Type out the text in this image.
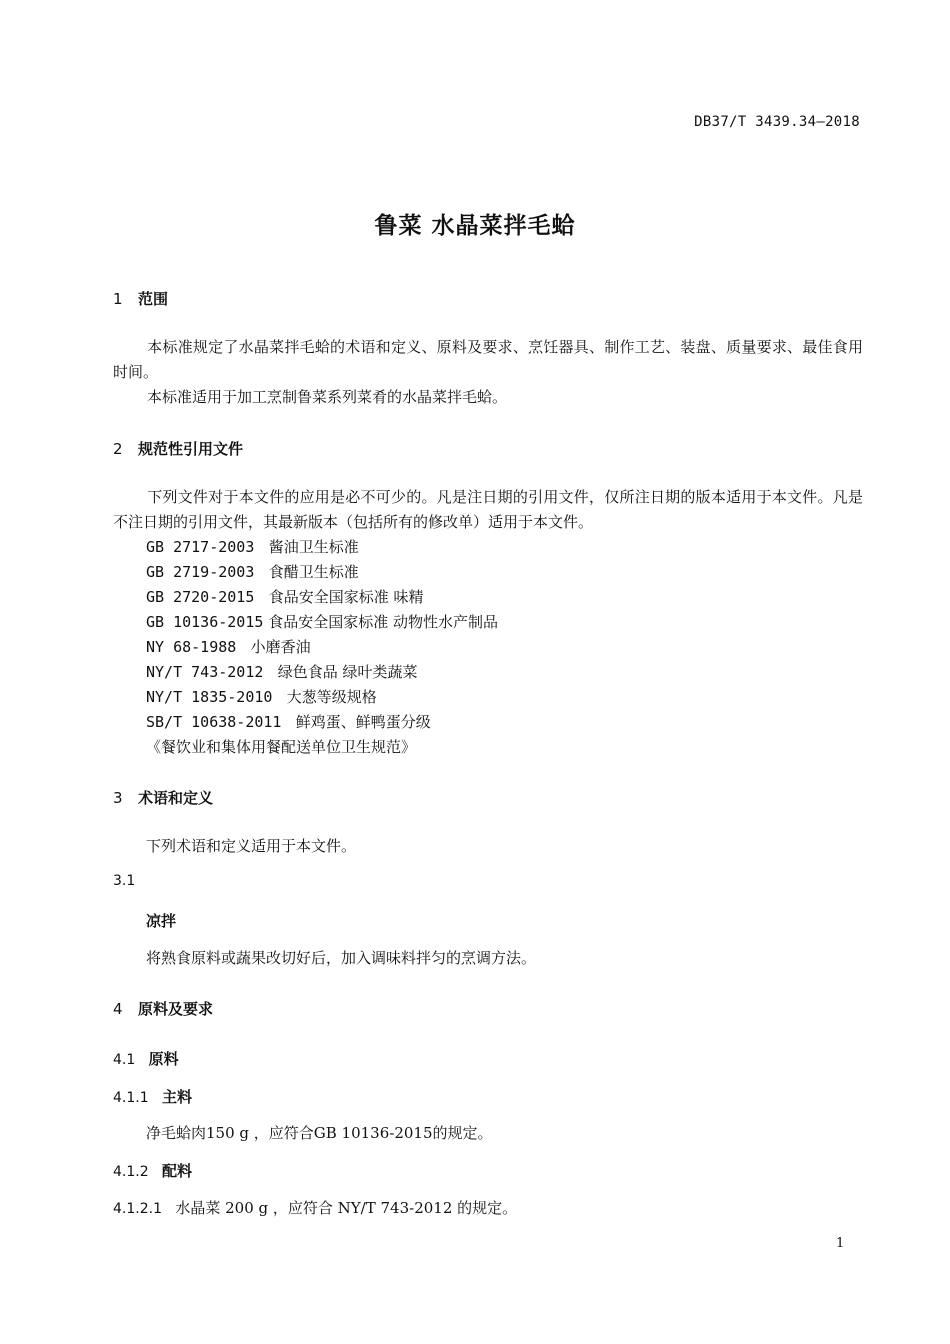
DB37/T 3439.34—2018
鲁菜 水晶菜拌毛蛤
1 范围
本标准规定了水晶菜拌毛蛤的术语和定义、原料及要求、烹饪器具、制作工艺、装盘、质量要求、最佳食用时间。
本标准适用于加工烹制鲁菜系列菜肴的水晶菜拌毛蛤。
2 规范性引用文件
下列文件对于本文件的应用是必不可少的。凡是注日期的引用文件，仅所注日期的版本适用于本文件。凡是不注日期的引用文件，其最新版本（包括所有的修改单）适用于本文件。
GB 2717-2003 酱油卫生标准
GB 2719-2003 食醋卫生标准
GB 2720-2015 食品安全国家标准 味精
GB 10136-2015 食品安全国家标准 动物性水产制品
NY 68-1988 小磨香油
NY/T 743-2012 绿色食品 绿叶类蔬菜
NY/T 1835-2010 大葱等级规格
SB/T 10638-2011 鲜鸡蛋、鲜鸭蛋分级
《餐饮业和集体用餐配送单位卫生规范》
3 术语和定义
下列术语和定义适用于本文件。
3.1
凉拌
将熟食原料或蔬果改切好后，加入调味料拌匀的烹调方法。
4 原料及要求
4.1 原料
4.1.1 主料
净毛蛤肉150 g ，应符合GB 10136-2015的规定。
4.1.2 配料
4.1.2.1 水晶菜 200 g ，应符合 NY/T 743-2012 的规定。
1
